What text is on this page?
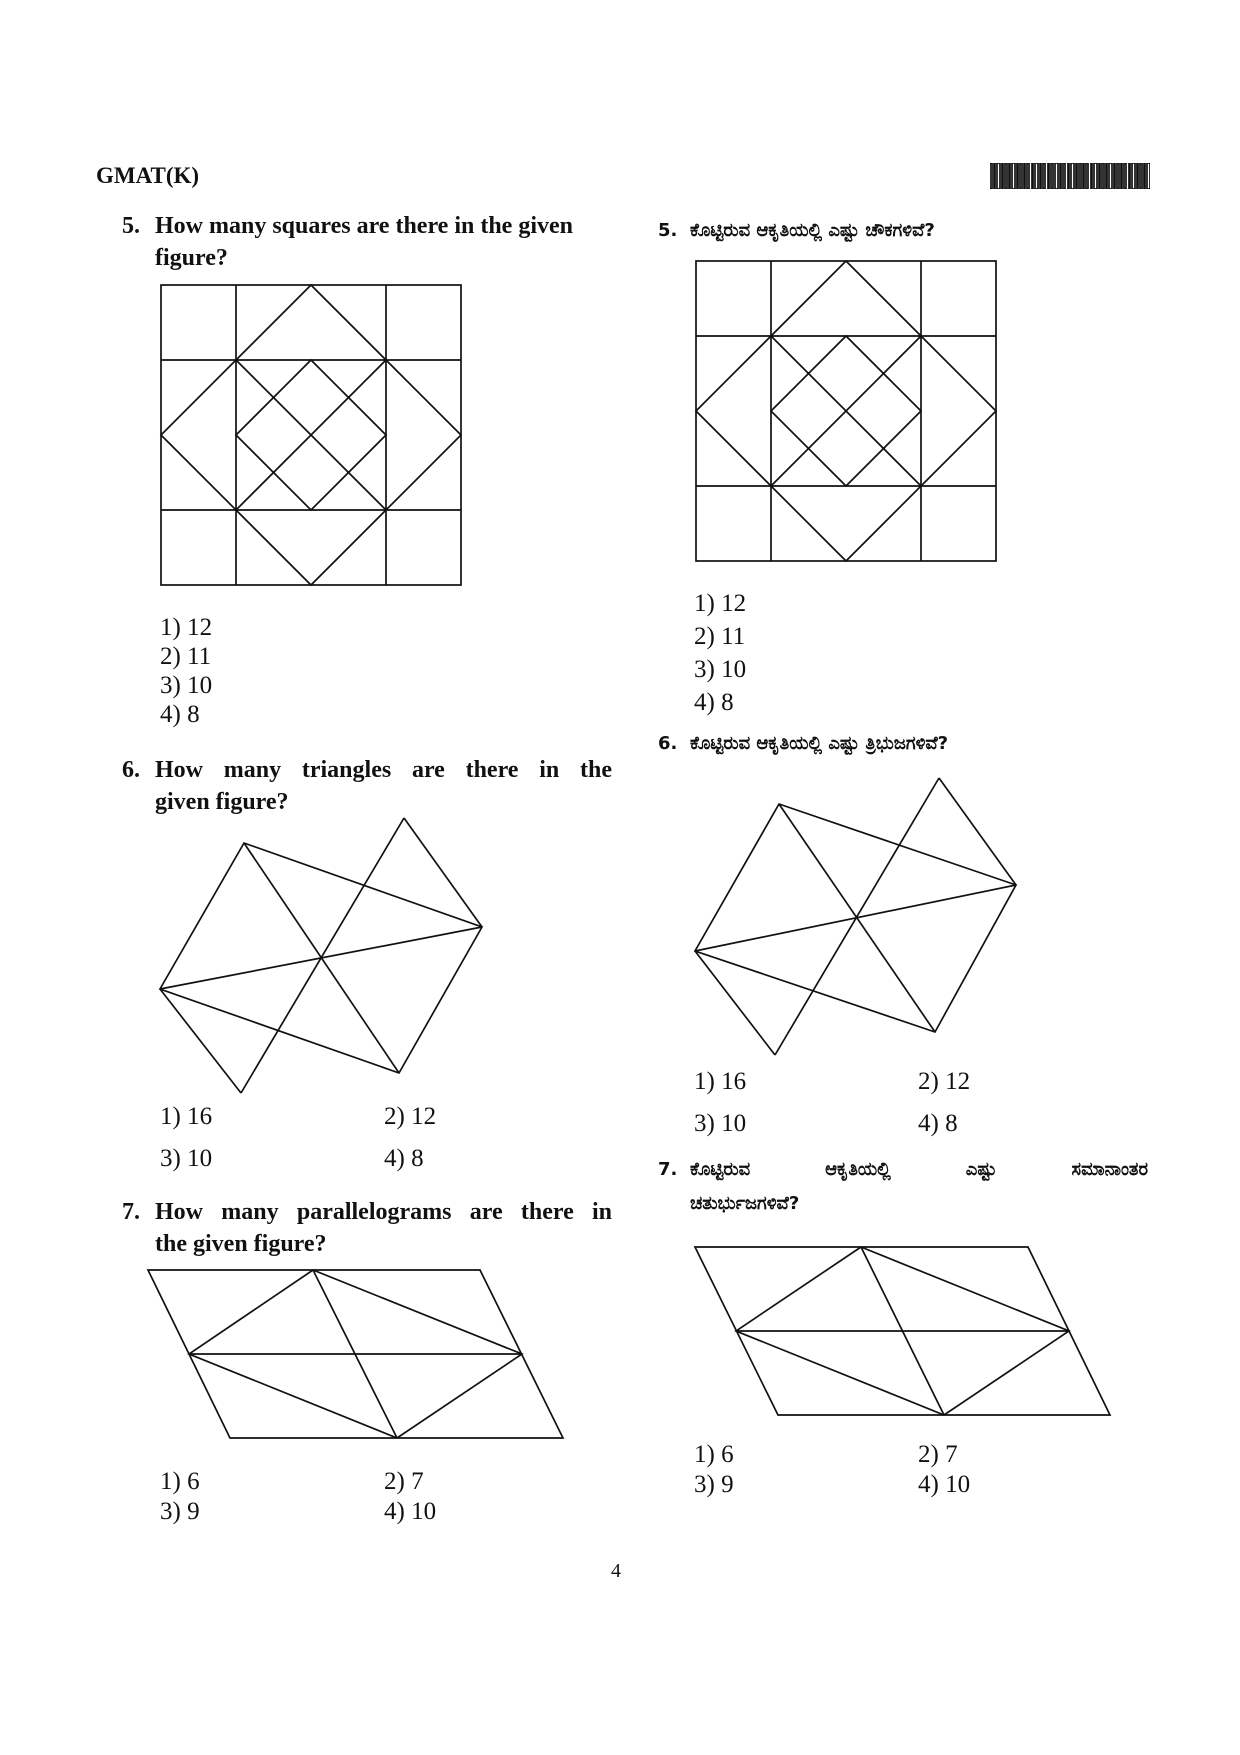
GMAT(K)
5. How many squares are there in the given
figure?
1) 12
2) 11
3) 10
4) 8
6. How many triangles are there in the
given figure?
1) 16	2) 12
3) 10	4) 8
7. How many parallelograms are there in
the given figure?
1) 6	2) 7
3) 9	4) 10
5. ಕೊಟ್ಟಿರುವ ಆಕೃತಿಯಲ್ಲಿ ಎಷ್ಟು ಚೌಕಗಳಿವೆ?
1) 12
2) 11
3) 10
4) 8
6. ಕೊಟ್ಟಿರುವ ಆಕೃತಿಯಲ್ಲಿ ಎಷ್ಟು ತ್ರಿಭುಜಗಳಿವೆ?
1) 16	2) 12
3) 10	4) 8
7. ಕೊಟ್ಟಿರುವ ಆಕೃತಿಯಲ್ಲಿ ಎಷ್ಟು ಸಮಾನಾಂತರ
ಚತುರ್ಭುಜಗಳಿವೆ?
1) 6	2) 7
3) 9	4) 10
4
